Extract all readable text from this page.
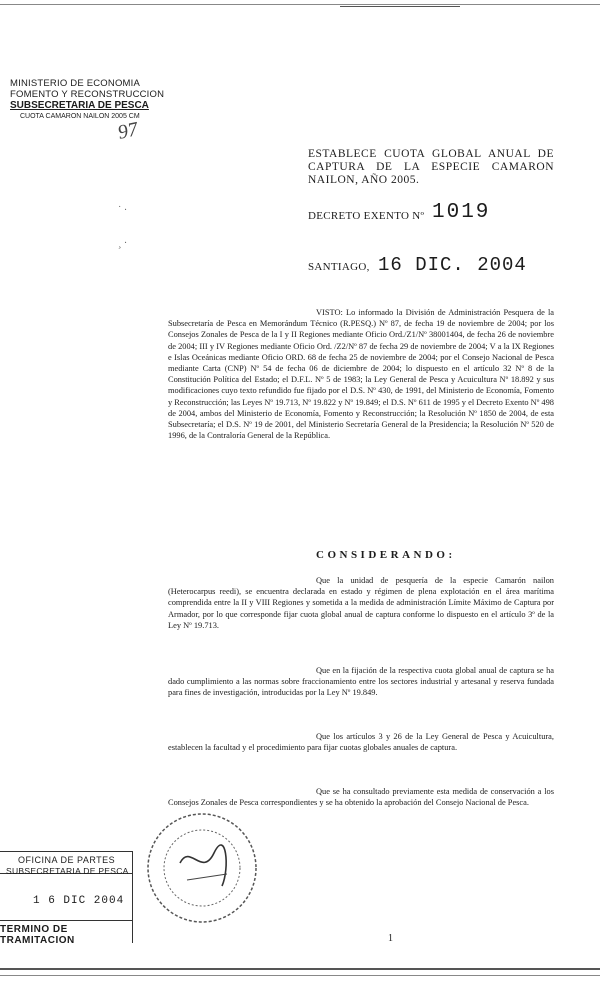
MINISTERIO DE ECONOMIA
FOMENTO Y RECONSTRUCCION
SUBSECRETARIA DE PESCA
CUOTA CAMARON NAILON 2005 CM
97
˙ ·
¸ ·
ESTABLECE CUOTA GLOBAL ANUAL DE CAPTURA DE LA ESPECIE CAMARON NAILON, AÑO 2005.
DECRETO EXENTO Nº 1019
SANTIAGO, 16 DIC. 2004
VISTO: Lo informado la División de Administración Pesquera de la Subsecretaría de Pesca en Memorándum Técnico (R.PESQ.) Nº 87, de fecha 19 de noviembre de 2004; por los Consejos Zonales de Pesca de la I y II Regiones mediante Oficio Ord./Z1/Nº 38001404, de fecha 26 de noviembre de 2004; III y IV Regiones mediante Oficio Ord. /Z2/Nº 87 de fecha 29 de noviembre de 2004; V a la IX Regiones e Islas Oceánicas mediante Oficio ORD. 68 de fecha 25 de noviembre de 2004; por el Consejo Nacional de Pesca mediante Carta (CNP) Nº 54 de fecha 06 de diciembre de 2004; lo dispuesto en el artículo 32 Nº 8 de la Constitución Política del Estado; el D.F.L. Nº 5 de 1983; la Ley General de Pesca y Acuicultura Nº 18.892 y sus modificaciones cuyo texto refundido fue fijado por el D.S. Nº 430, de 1991, del Ministerio de Economía, Fomento y Reconstrucción; las Leyes Nº 19.713, Nº 19.822 y Nº 19.849; el D.S. Nº 611 de 1995 y el Decreto Exento Nº 498 de 2004, ambos del Ministerio de Economía, Fomento y Reconstrucción; la Resolución Nº 1850 de 2004, de esta Subsecretaría; el D.S. Nº 19 de 2001, del Ministerio Secretaría General de la Presidencia; la Resolución Nº 520 de 1996, de la Contraloría General de la República.
CONSIDERANDO:
Que la unidad de pesquería de la especie Camarón nailon (Heterocarpus reedi), se encuentra declarada en estado y régimen de plena explotación en el área marítima comprendida entre la II y VIII Regiones y sometida a la medida de administración Límite Máximo de Captura por Armador, por lo que corresponde fijar cuota global anual de captura conforme lo dispuesto en el artículo 3º de la Ley Nº 19.713.
Que en la fijación de la respectiva cuota global anual de captura se ha dado cumplimiento a las normas sobre fraccionamiento entre los sectores industrial y artesanal y reserva fundada para fines de investigación, introducidas por la Ley Nº 19.849.
Que los artículos 3 y 26 de la Ley General de Pesca y Acuicultura, establecen la facultad y el procedimiento para fijar cuotas globales anuales de captura.
Que se ha consultado previamente esta medida de conservación a los Consejos Zonales de Pesca correspondientes y se ha obtenido la aprobación del Consejo Nacional de Pesca.
OFICINA DE PARTES
SUBSECRETARIA DE PESCA
1 6 DIC 2004
TERMINO DE TRAMITACION	1
